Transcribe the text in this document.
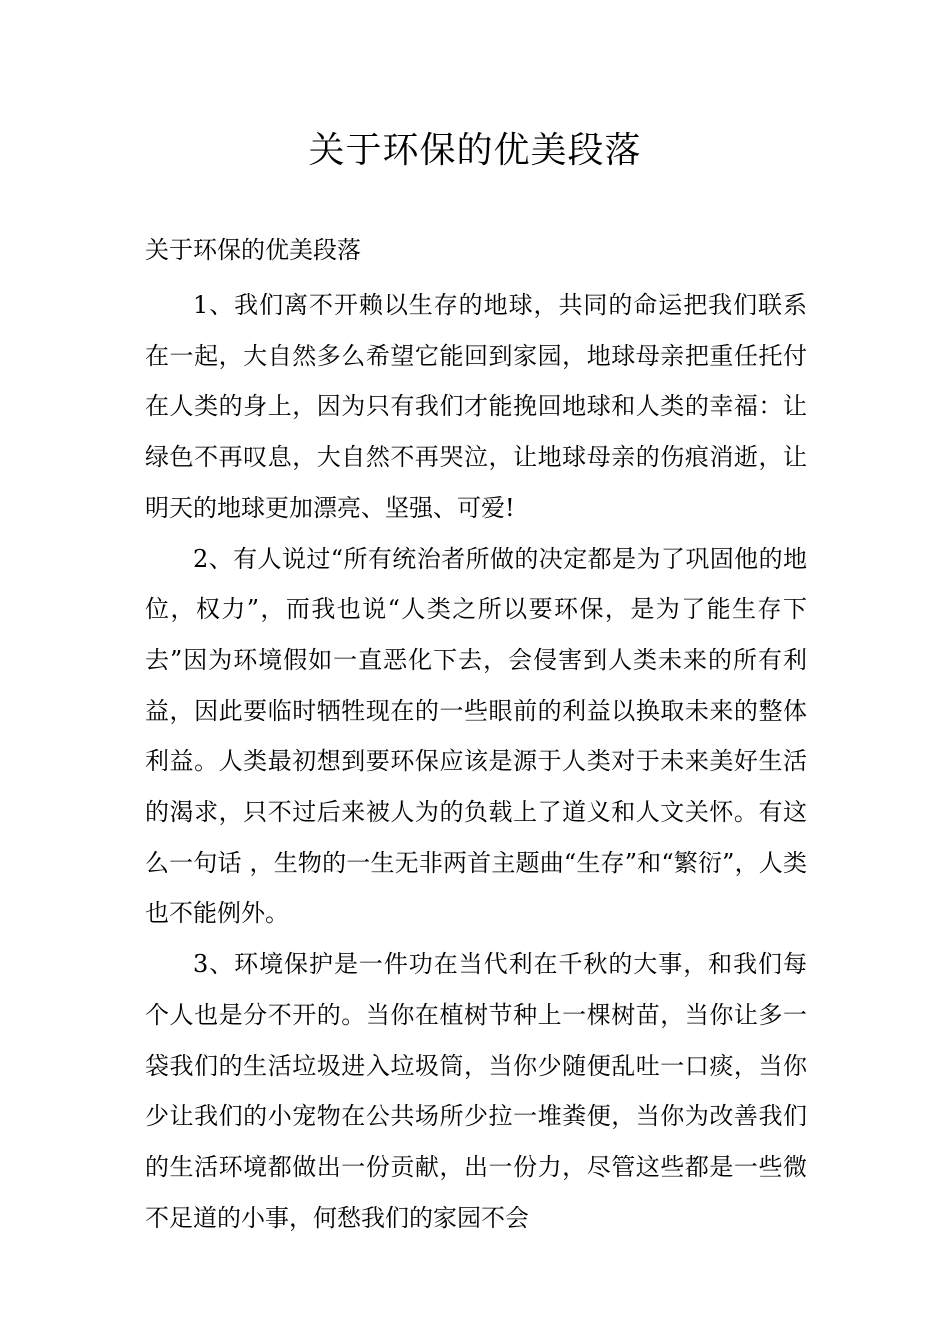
关于环保的优美段落

关于环保的优美段落

1、我们离不开赖以生存的地球，共同的命运把我们联系在一起，大自然多么希望它能回到家园，地球母亲把重任托付在人类的身上，因为只有我们才能挽回地球和人类的幸福：让绿色不再叹息，大自然不再哭泣，让地球母亲的伤痕消逝，让明天的地球更加漂亮、坚强、可爱!

2、有人说过“所有统治者所做的决定都是为了巩固他的地位，权力”，而我也说“人类之所以要环保，是为了能生存下去”因为环境假如一直恶化下去，会侵害到人类未来的所有利益，因此要临时牺牲现在的一些眼前的利益以换取未来的整体利益。人类最初想到要环保应该是源于人类对于未来美好生活的渴求，只不过后来被人为的负载上了道义和人文关怀。有这么一句话 ，生物的一生无非两首主题曲“生存”和“繁衍”，人类也不能例外。

3、环境保护是一件功在当代利在千秋的大事，和我们每个人也是分不开的。当你在植树节种上一棵树苗，当你让多一袋我们的生活垃圾进入垃圾筒，当你少随便乱吐一口痰，当你少让我们的小宠物在公共场所少拉一堆粪便，当你为改善我们的生活环境都做出一份贡献，出一份力，尽管这些都是一些微不足道的小事，何愁我们的家园不会
